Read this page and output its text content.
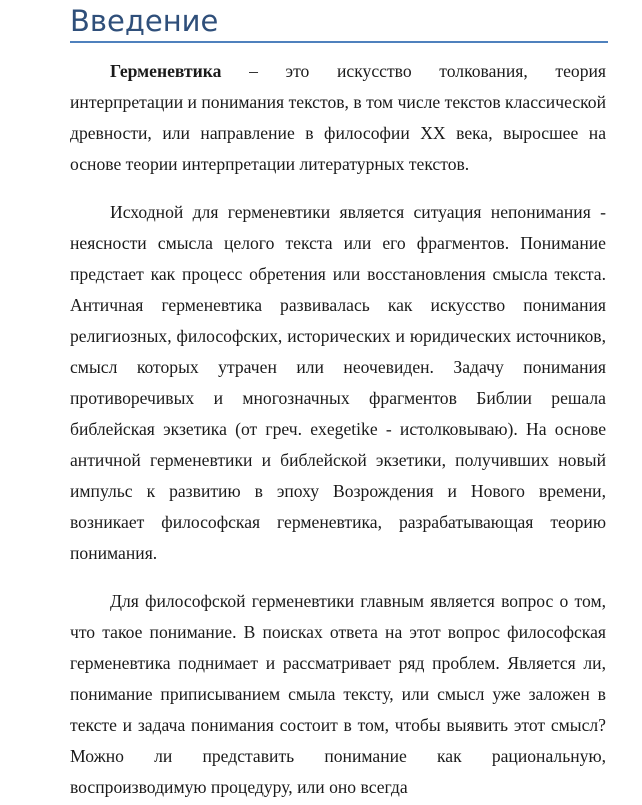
Введение

Герменевтика – это искусство толкования, теория интерпретации и понимания текстов, в том числе текстов классической древности, или направление в философии XX века, выросшее на основе теории интерпретации литературных текстов.

Исходной для герменевтики является ситуация непонимания - неясности смысла целого текста или его фрагментов. Понимание предстает как процесс обретения или восстановления смысла текста. Античная герменевтика развивалась как искусство понимания религиозных, философских, исторических и юридических источников, смысл которых утрачен или неочевиден. Задачу понимания противоречивых и многозначных фрагментов Библии решала библейская экзетика (от греч. exegetike - истолковываю). На основе античной герменевтики и библейской экзетики, получивших новый импульс к развитию в эпоху Возрождения и Нового времени, возникает философская герменевтика, разрабатывающая теорию понимания.

Для философской герменевтики главным является вопрос о том, что такое понимание. В поисках ответа на этот вопрос философская герменевтика поднимает и рассматривает ряд проблем. Является ли, понимание приписыванием смыла тексту, или смысл уже заложен в тексте и задача понимания состоит в том, чтобы выявить этот смысл? Можно ли представить понимание как рациональную, воспроизводимую процедуру, или оно всегда
